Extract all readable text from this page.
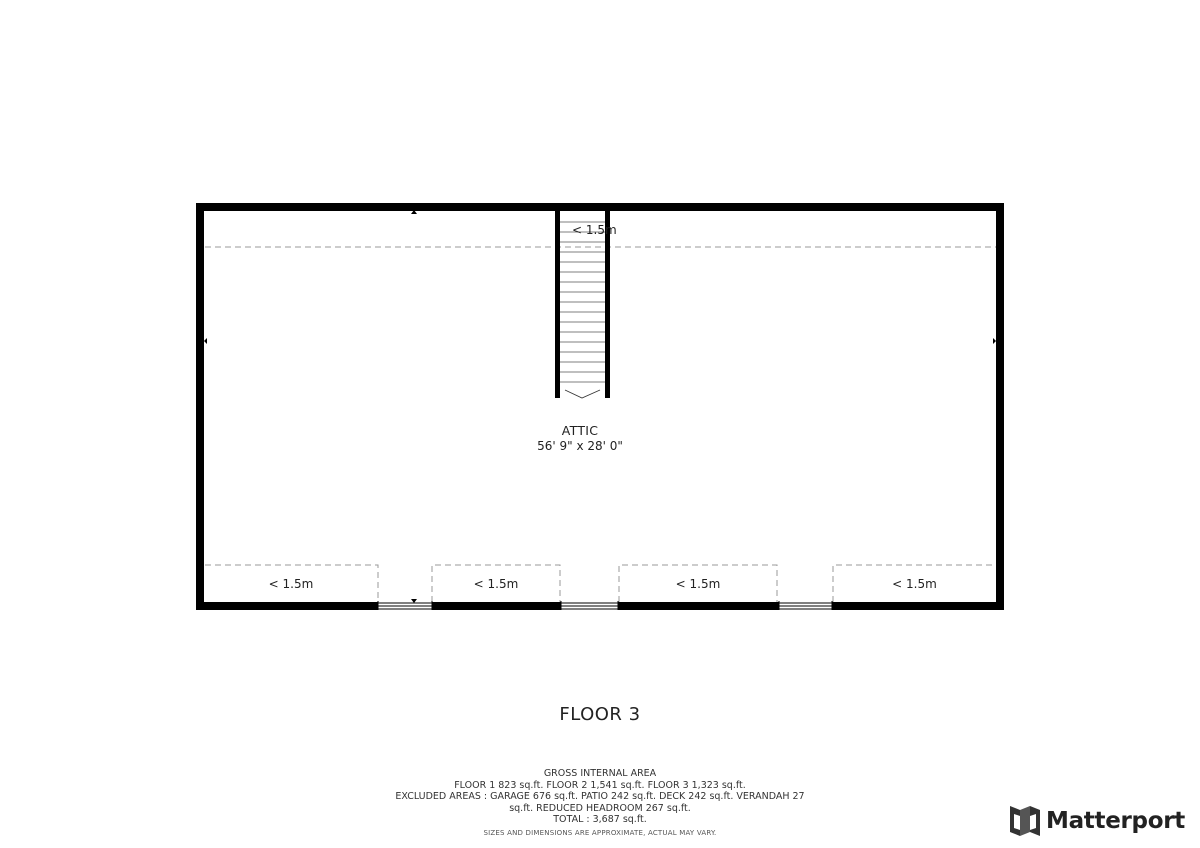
< 1.5m
ATTIC
56' 9" x 28' 0"
< 1.5m	< 1.5m	< 1.5m	< 1.5m
FLOOR 3
GROSS INTERNAL AREA
FLOOR 1 823 sq.ft. FLOOR 2 1,541 sq.ft. FLOOR 3 1,323 sq.ft.
EXCLUDED AREAS : GARAGE 676 sq.ft. PATIO 242 sq.ft. DECK 242 sq.ft. VERANDAH 27
sq.ft. REDUCED HEADROOM 267 sq.ft.
TOTAL : 3,687 sq.ft.
SIZES AND DIMENSIONS ARE APPROXIMATE, ACTUAL MAY VARY.	Matterport
